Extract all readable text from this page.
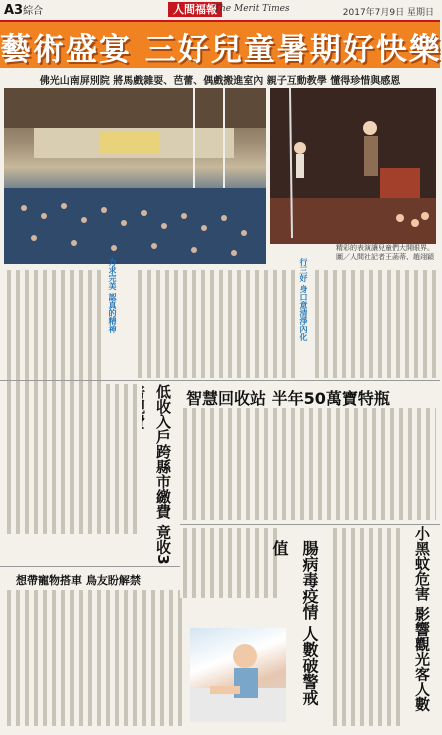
A3綜合	人間福報
The Merit Times	2017年7月9日 星期日
藝術盛宴 三好兒童暑期好快樂
佛光山南屏別院 將馬戲雜耍、芭蕾、偶戲搬進室內 親子互動教學 懂得珍惜與感恩
精彩的表演讓兒童們大開眼界。
圖／人間社記者王菡蒂、趙翊穎
行三好 身口意清淨內化
力求完美 認真的精神
低收入戶跨縣市繳費 竟收3
智慧回收站 半年50萬寶特瓶
想帶寵物搭車 鳥友盼解禁	腸病毒疫情 人數破警戒值	小黑蚊危害 影響觀光客人數
